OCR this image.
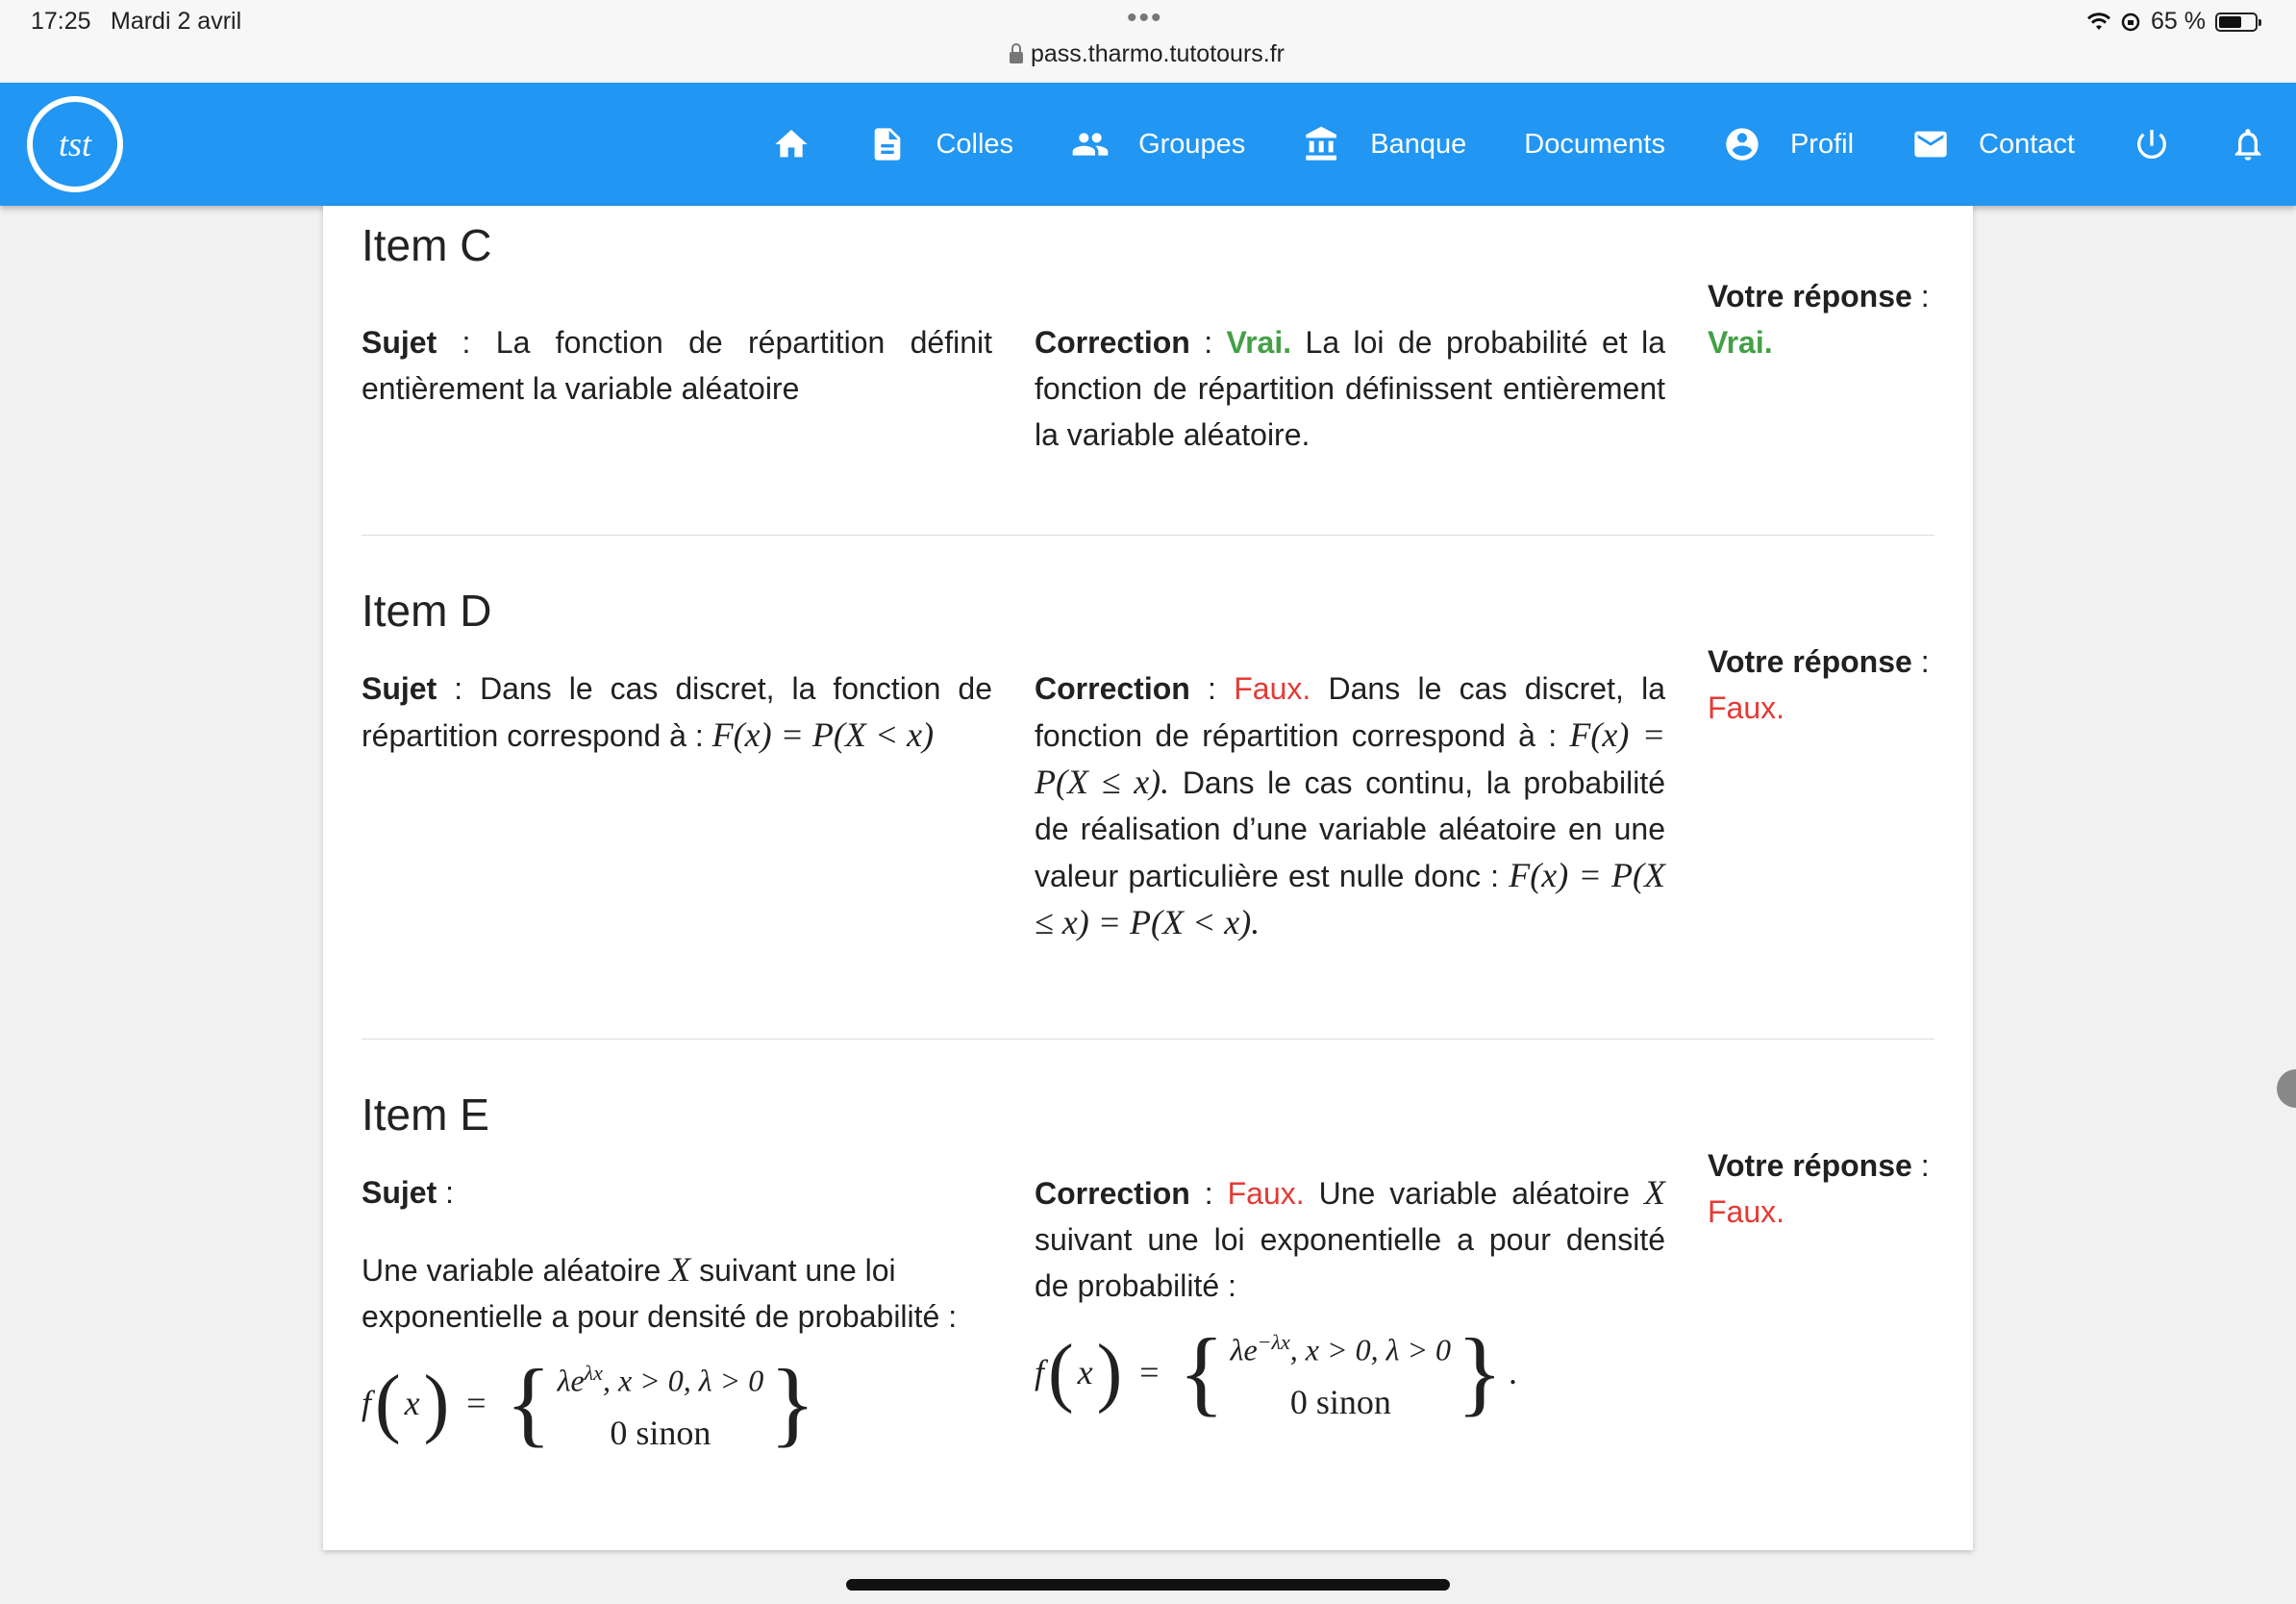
17:25 Mardi 2 avril	•••
pass.tharmo.tutotours.fr
65 %
tst	Colles	Groupes	Banque Documents	Profil	Contact
Item C
Sujet : La fonction de répartition définit entièrement la variable aléatoire
Correction : Vrai. La loi de probabilité et la fonction de répartition définissent entièrement la variable aléatoire.
Votre réponse :
Vrai.
Item D
Sujet : Dans le cas discret, la fonction de répartition correspond à : F(x) = P(X < x)
Correction : Faux. Dans le cas discret, la fonction de répartition correspond à : F(x) = P(X ≤ x). Dans le cas continu, la probabilité de réalisation d’une variable aléatoire en une valeur particulière est nulle donc : F(x) = P(X ≤ x) = P(X < x).
Votre réponse :
Faux.
Item E
Sujet :

Une variable aléatoire X suivant une loi exponentielle a pour densité de probabilité :
f ( x ) = { $\lambda e^{\lambda x}$, x > 0, λ > 0
0 sinon }
Correction : Faux. Une variable aléatoire X suivant une loi exponentielle a pour densité de probabilité :
f ( x ) = { $\lambda e^{-\lambda x}$, x > 0, λ > 0
0 sinon } .
Votre réponse :
Faux.
